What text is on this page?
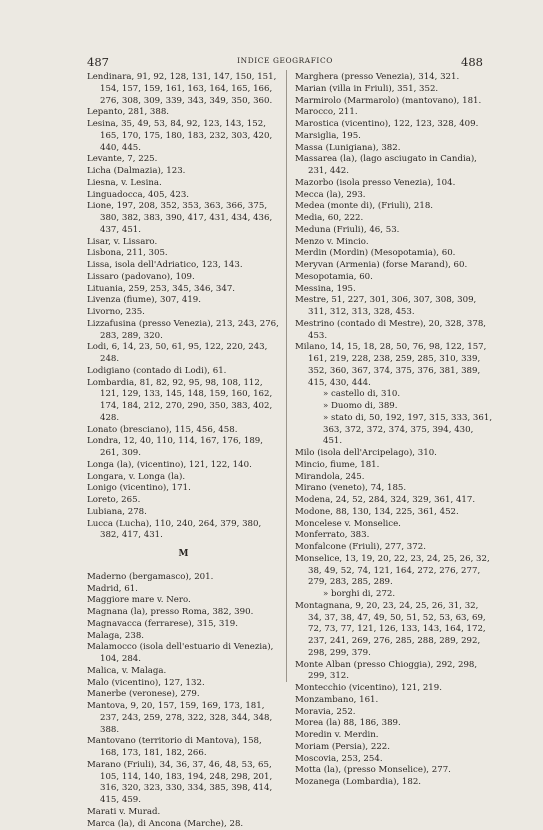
487	INDICE GEOGRAFICO	488

Lendinara, 91, 92, 128, 131, 147, 150, 151, 154, 157, 159, 161, 163, 164, 165, 166, 276, 308, 309, 339, 343, 349, 350, 360.

Lepanto, 281, 388.

Lesina, 35, 49, 53, 84, 92, 123, 143, 152, 165, 170, 175, 180, 183, 232, 303, 420, 440, 445.

Levante, 7, 225.

Licha (Dalmazia), 123.

Liesna, v. Lesina.

Linguadocca, 405, 423.

Lione, 197, 208, 352, 353, 363, 366, 375, 380, 382, 383, 390, 417, 431, 434, 436, 437, 451.

Lisar, v. Lissaro.

Lisbona, 211, 305.

Lissa, isola dell'Adriatico, 123, 143.

Lissaro (padovano), 109.

Lituania, 259, 253, 345, 346, 347.

Livenza (fiume), 307, 419.

Livorno, 235.

Lizzafusina (presso Venezia), 213, 243, 276, 283, 289, 320.

Lodi, 6, 14, 23, 50, 61, 95, 122, 220, 243, 248.

Lodigiano (contado di Lodi), 61.

Lombardia, 81, 82, 92, 95, 98, 108, 112, 121, 129, 133, 145, 148, 159, 160, 162, 174, 184, 212, 270, 290, 350, 383, 402, 428.

Lonato (bresciano), 115, 456, 458.

Londra, 12, 40, 110, 114, 167, 176, 189, 261, 309.

Longa (la), (vicentino), 121, 122, 140.

Longara, v. Longa (la).

Lonigo (vicentino), 171.

Loreto, 265.

Lubiana, 278.

Lucca (Lucha), 110, 240, 264, 379, 380, 382, 417, 431.

M

Maderno (bergamasco), 201.

Madrid, 61.

Maggiore mare v. Nero.

Magnana (la), presso Roma, 382, 390.

Magnavacca (ferrarese), 315, 319.

Malaga, 238.

Malamocco (isola dell'estuario di Venezia), 104, 284.

Malica, v. Malaga.

Malo (vicentino), 127, 132.

Manerbe (veronese), 279.

Mantova, 9, 20, 157, 159, 169, 173, 181, 237, 243, 259, 278, 322, 328, 344, 348, 388.

Mantovano (territorio di Mantova), 158, 168, 173, 181, 182, 266.

Marano (Friuli), 34, 36, 37, 46, 48, 53, 65, 105, 114, 140, 183, 194, 248, 298, 201, 316, 320, 323, 330, 334, 385, 398, 414, 415, 459.

Marati v. Murad.

Marca (la), di Ancona (Marche), 28.

Marghera (presso Venezia), 314, 321.

Marian (villa in Friuli), 351, 352.

Marmirolo (Marmarolo) (mantovano), 181.

Marocco, 211.

Marostica (vicentino), 122, 123, 328, 409.

Marsiglia, 195.

Massa (Lunigiana), 382.

Massarea (la), (lago asciugato in Candia), 231, 442.

Mazorbo (isola presso Venezia), 104.

Mecca (la), 293.

Medea (monte di), (Friuli), 218.

Media, 60, 222.

Meduna (Friuli), 46, 53.

Menzo v. Mincio.

Merdin (Mordin) (Mesopotamia), 60.

Meryvan (Armenia) (forse Marand), 60.

Mesopotamia, 60.

Messina, 195.

Mestre, 51, 227, 301, 306, 307, 308, 309, 311, 312, 313, 328, 453.

Mestrino (contado di Mestre), 20, 328, 378, 453.

Milano, 14, 15, 18, 28, 50, 76, 98, 122, 157, 161, 219, 228, 238, 259, 285, 310, 339, 352, 360, 367, 374, 375, 376, 381, 389, 415, 430, 444.

» castello di, 310.

» Duomo di, 389.

» stato di, 50, 192, 197, 315, 333, 361, 363, 372, 372, 374, 375, 394, 430, 451.

Milo (isola dell'Arcipelago), 310.

Mincio, fiume, 181.

Mirandola, 245.

Mirano (veneto), 74, 185.

Modena, 24, 52, 284, 324, 329, 361, 417.

Modone, 88, 130, 134, 225, 361, 452.

Moncelese v. Monselice.

Monferrato, 383.

Monfalcone (Friuli), 277, 372.

Monselice, 13, 19, 20, 22, 23, 24, 25, 26, 32, 38, 49, 52, 74, 121, 164, 272, 276, 277, 279, 283, 285, 289.

» borghi di, 272.

Montagnana, 9, 20, 23, 24, 25, 26, 31, 32, 34, 37, 38, 47, 49, 50, 51, 52, 53, 63, 69, 72, 73, 77, 121, 126, 133, 143, 164, 172, 237, 241, 269, 276, 285, 288, 289, 292, 298, 299, 379.

Monte Alban (presso Chioggia), 292, 298, 299, 312.

Montecchio (vicentino), 121, 219.

Monzambano, 161.

Moravia, 252.

Morea (la) 88, 186, 389.

Moredin v. Merdin.

Moriam (Persia), 222.

Moscovia, 253, 254.

Motta (la), (presso Monselice), 277.

Mozanega (Lombardia), 182.
